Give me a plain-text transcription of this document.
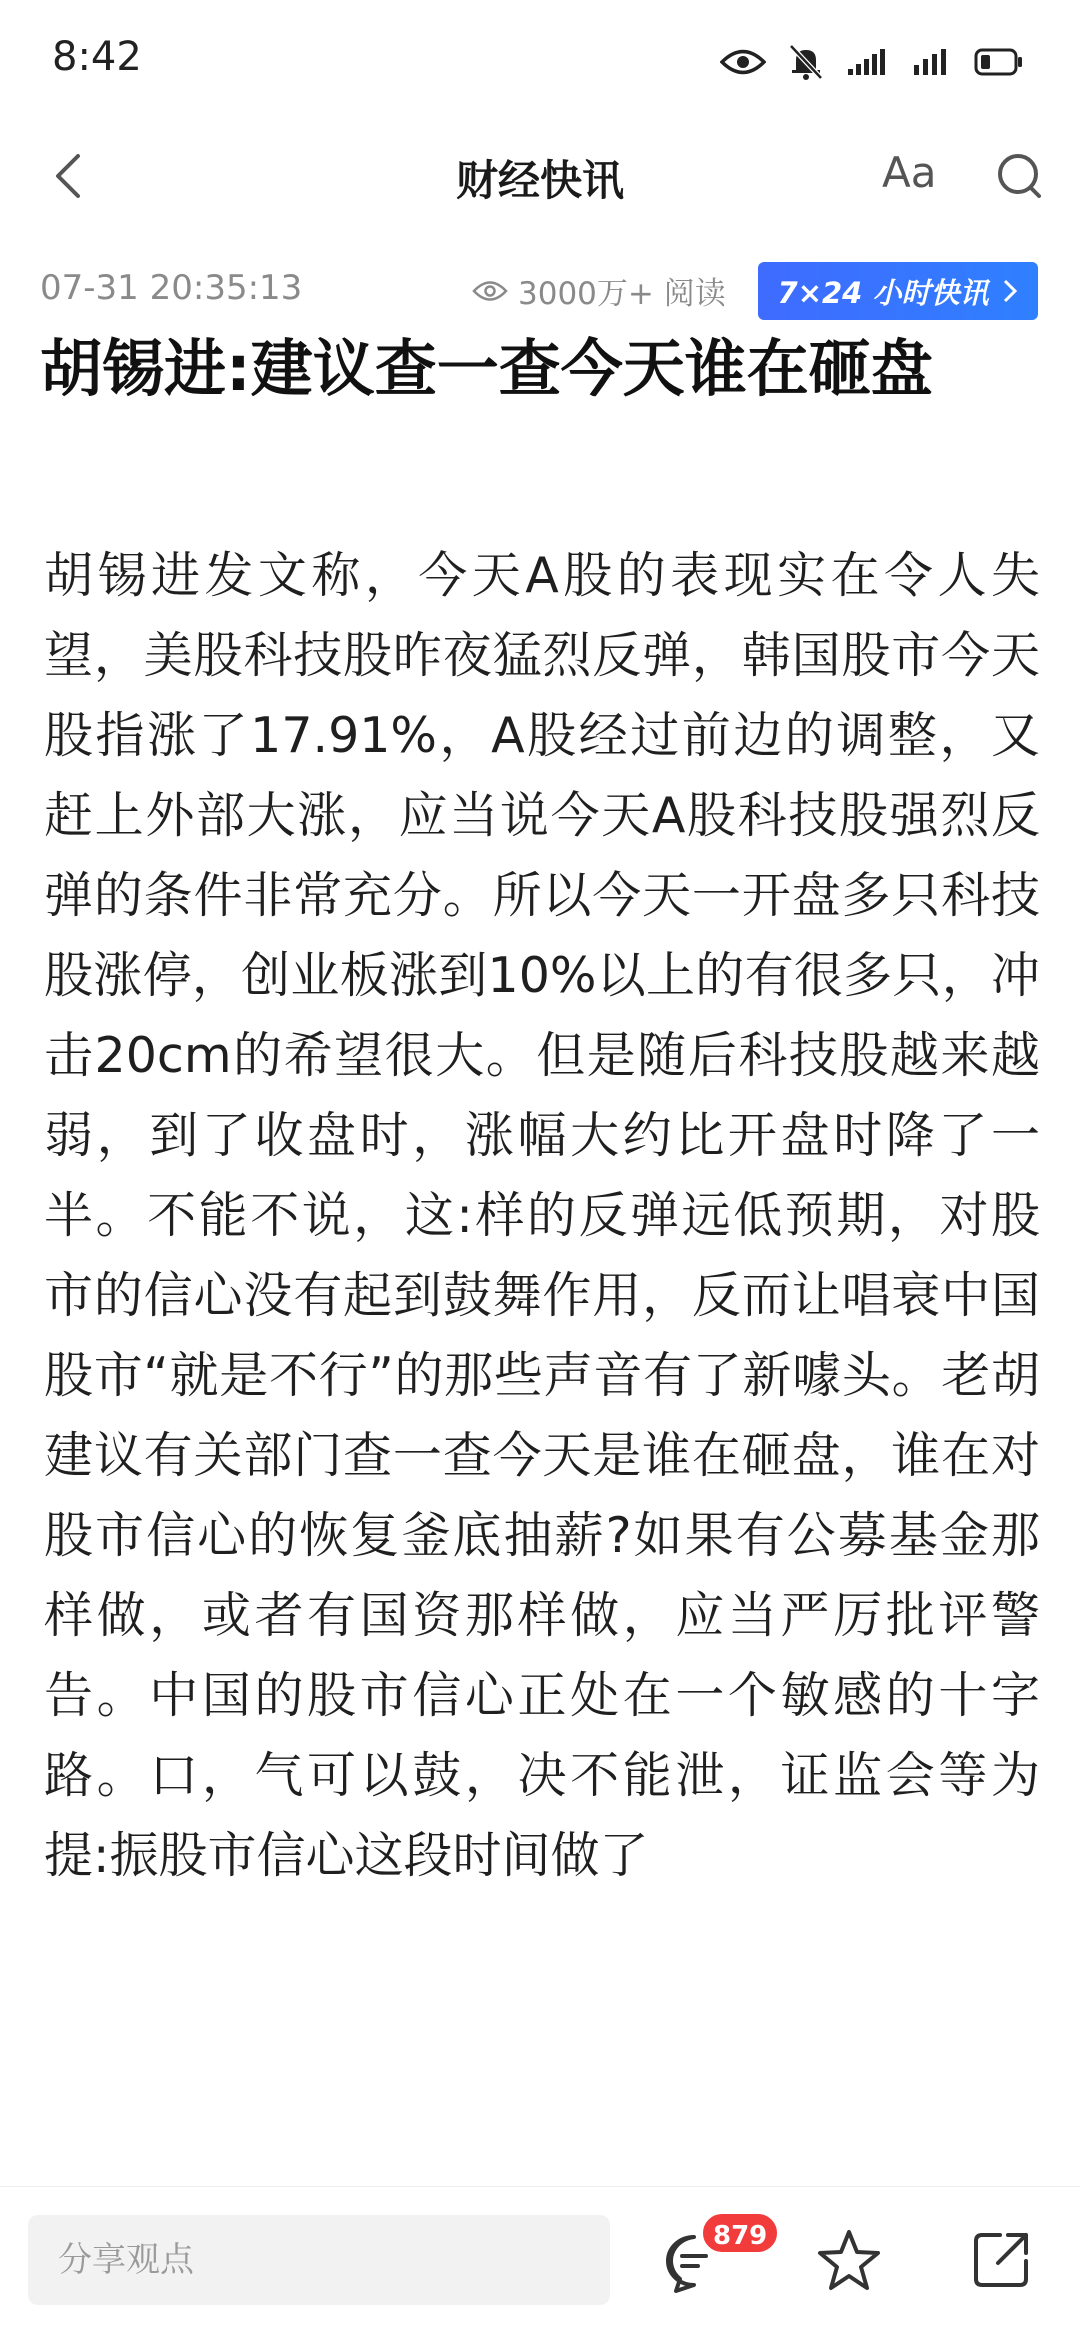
8:42
财经快讯	Aa
07-31 20:35:13	3000万+ 阅读 7×24 小时快讯
胡锡进:建议查一查今天谁在砸盘
胡锡进发文称，今天A股的表现实在令人失望，美股科技股昨夜猛烈反弹，韩国股市今天股指涨了17.91%，A股经过前边的调整，又赶上外部大涨，应当说今天A股科技股强烈反弹的条件非常充分。所以今天一开盘多只科技股涨停，创业板涨到10%以上的有很多只，冲击20cm的希望很大。但是随后科技股越来越弱，到了收盘时，涨幅大约比开盘时降了一半。不能不说，这:样的反弹远低预期，对股市的信心没有起到鼓舞作用，反而让唱衰中国股市“就是不行”的那些声音有了新噱头。老胡建议有关部门查一查今天是谁在砸盘，谁在对股市信心的恢复釜底抽薪?如果有公募基金那样做，或者有国资那样做，应当严厉批评警告。中国的股市信心正处在一个敏感的十字路。口，气可以鼓，决不能泄，证监会等为提:振股市信心这段时间做了
分享观点
879
